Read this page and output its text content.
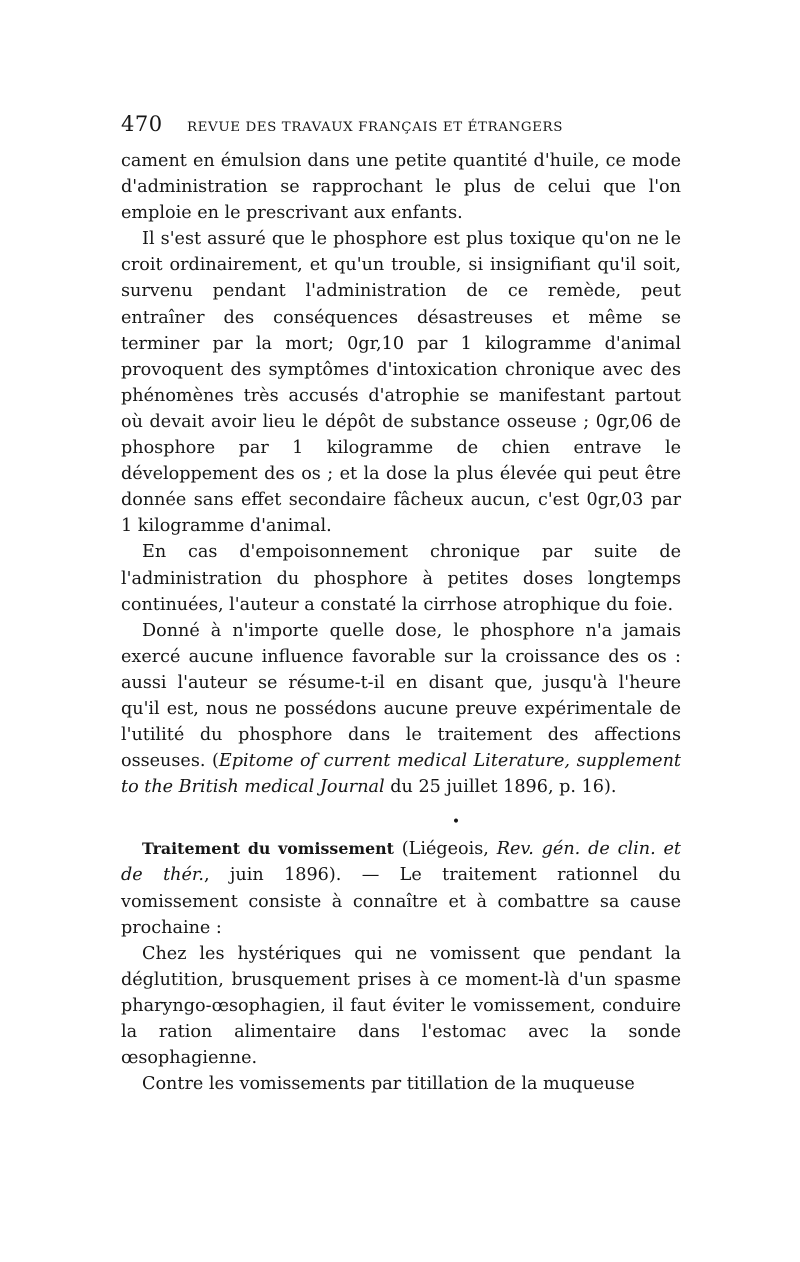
470	REVUE DES TRAVAUX FRANÇAIS ET ÉTRANGERS

cament en émulsion dans une petite quantité d'huile, ce mode d'administration se rapprochant le plus de celui que l'on emploie en le prescrivant aux enfants.

Il s'est assuré que le phosphore est plus toxique qu'on ne le croit ordinairement, et qu'un trouble, si insignifiant qu'il soit, survenu pendant l'administration de ce remède, peut entraîner des conséquences désastreuses et même se terminer par la mort; 0gr,10 par 1 kilogramme d'animal provoquent des symptômes d'intoxication chronique avec des phénomènes très accusés d'atrophie se manifestant partout où devait avoir lieu le dépôt de substance osseuse ; 0gr,06 de phosphore par 1 kilogramme de chien entrave le développement des os ; et la dose la plus élevée qui peut être donnée sans effet secondaire fâcheux aucun, c'est 0gr,03 par 1 kilogramme d'animal.

En cas d'empoisonnement chronique par suite de l'administration du phosphore à petites doses longtemps continuées, l'auteur a constaté la cirrhose atrophique du foie.

Donné à n'importe quelle dose, le phosphore n'a jamais exercé aucune influence favorable sur la croissance des os : aussi l'auteur se résume-t-il en disant que, jusqu'à l'heure qu'il est, nous ne possédons aucune preuve expérimentale de l'utilité du phosphore dans le traitement des affections osseuses. (Epitome of current medical Literature, supplement to the British medical Journal du 25 juillet 1896, p. 16).

•

Traitement du vomissement (Liégeois, Rev. gén. de clin. et de thér., juin 1896). — Le traitement rationnel du vomissement consiste à connaître et à combattre sa cause prochaine :

Chez les hystériques qui ne vomissent que pendant la déglutition, brusquement prises à ce moment-là d'un spasme pharyngo-œsophagien, il faut éviter le vomissement, conduire la ration alimentaire dans l'estomac avec la sonde œsophagienne.

Contre les vomissements par titillation de la muqueuse
